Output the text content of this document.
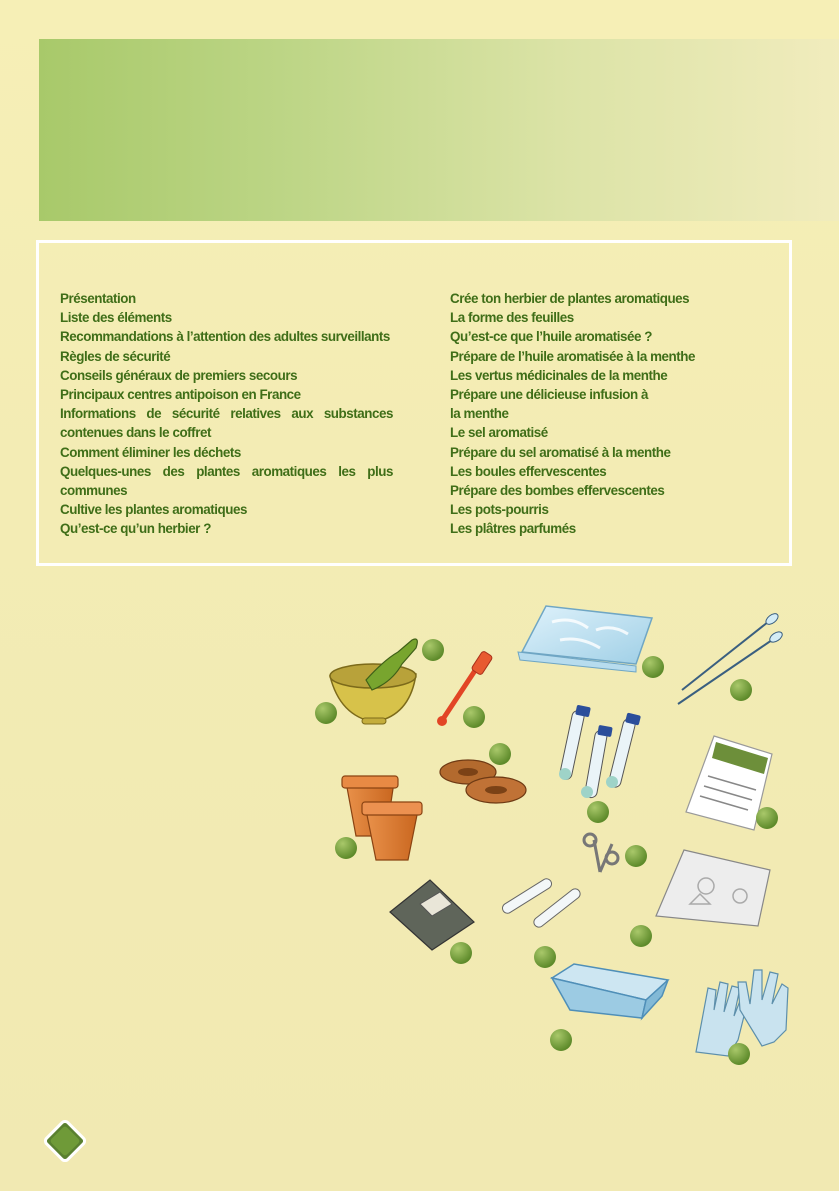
Présentation
Liste des éléments
Recommandations à l’attention des adultes surveillants
Règles de sécurité
Conseils généraux de premiers secours
Principaux centres antipoison en France
Informations de sécurité relatives aux substances contenues dans le coffret
Comment éliminer les déchets
Quelques-unes des plantes aromatiques les plus communes
Cultive les plantes aromatiques
Qu’est-ce qu’un herbier ?
Crée ton herbier de plantes aromatiques
La forme des feuilles
Qu’est-ce que l’huile aromatisée ?
Prépare de l’huile aromatisée à la menthe
Les vertus médicinales de la menthe
Prépare une délicieuse infusion à
la menthe
Le sel aromatisé
Prépare du sel aromatisé à la menthe
Les boules effervescentes
Prépare des bombes effervescentes
Les pots-pourris
Les plâtres parfumés
